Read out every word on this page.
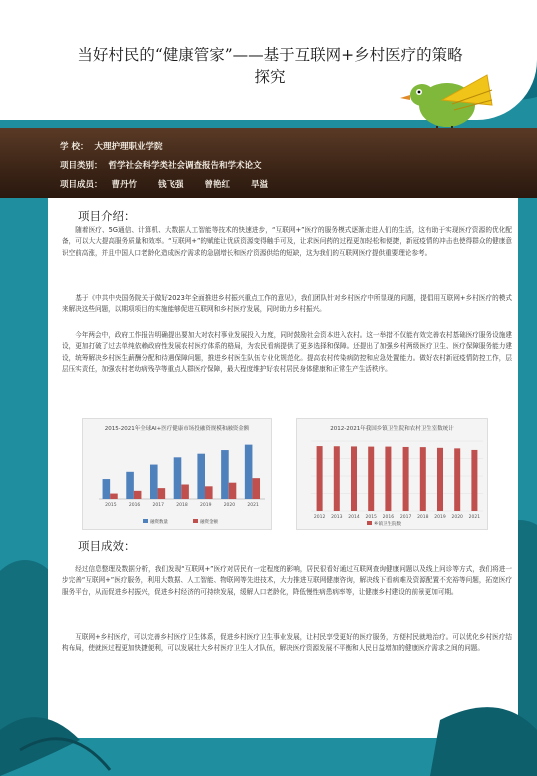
当好村民的“健康管家”——基于互联网+乡村医疗的策略探究
学 校： 大理护理职业学院
项目类别： 哲学社会科学类社会调查报告和学术论文
项目成员： 曹丹竹 钱飞强 曾艳红 旱溢
项目介绍：
随着医疗、5G通信、计算机、大数据人工智能等技术的快速进步，“互联网+”医疗的服务模式逐渐走进人们的生活，这有助于实现医疗资源的优化配备，可以大大提高服务质量和效率。“互联网+”的赋能让优质资源变得触手可及，让求医问药的过程更加轻松和便捷，新冠疫情的冲击也使得群众的健康意识空前高涨，并且中国人口老龄化造成医疗需求的急剧增长和医疗资源供给的短缺，这为我们的互联网医疗提供重要理论参考。
基于《中共中央国务院关于做好2023年全面推进乡村振兴重点工作的意见》，我们团队针对乡村医疗中所显现的问题，提倡用互联网+乡村医疗的模式来解决这些问题，以期项项目的实施能够促进互联网和乡村医疗发展，同时助力乡村振兴。
今年两会中，政府工作报告明确提出要加大对农村事业发展投入力度，同时鼓励社会资本进入农村。这一举措不仅能有效完善农村基础医疗服务设施建设，更加打破了过去单纯依赖政府性发展农村医疗体系的格局，为农民看病提供了更多选择和保障。还提出了加强乡村两级医疗卫生、医疗保障服务能力建设，统筹解决乡村医生薪酬分配和待遇保障问题，推进乡村医生队伍专业化规范化。提高农村传染病防控和应急处置能力。做好农村新冠疫情防控工作，层层压实责任，加强农村老幼病残孕等重点人群医疗保障，最大程度维护好农村居民身体健康和正常生产生活秩序。
2015-2021年全球AI+医疗健康市场投融资规模和融资金额
2015	2016	2017	2018	2019	2020	2021
融资数量	融资金额
2012-2021年我国乡镇卫生院和农村卫生室数统计
2012 2013 2014 2015 2016 2017 2018 2019 2020 2021
乡镇卫生院数
项目成效：
经过信息整理及数据分析，我们发现“互联网+”医疗对居民有一定程度的影响，居民很看好通过互联网查询健康问题以及线上问诊等方式，我们将进一步完善“互联网+”医疗服务，利用大数据、人工智能、物联网等先进技术，大力推进互联网健康咨询，解决线下看病难及资源配置不充裕等问题，拓宽医疗服务平台，从而促进乡村振兴，促进乡村经济的可持续发展，缓解人口老龄化，降低慢性病患病率等，让健康乡村建设的前景更加可期。
互联网+乡村医疗，可以完善乡村医疗卫生体系，促进乡村医疗卫生事业发展，让村民享受更好的医疗服务，方便村民就地治疗。可以优化乡村医疗结构布局，使就医过程更加快捷便利，可以发展壮大乡村医疗卫生人才队伍，解决医疗资源发展不平衡和人民日益增加的健康医疗需求之间的问题。
